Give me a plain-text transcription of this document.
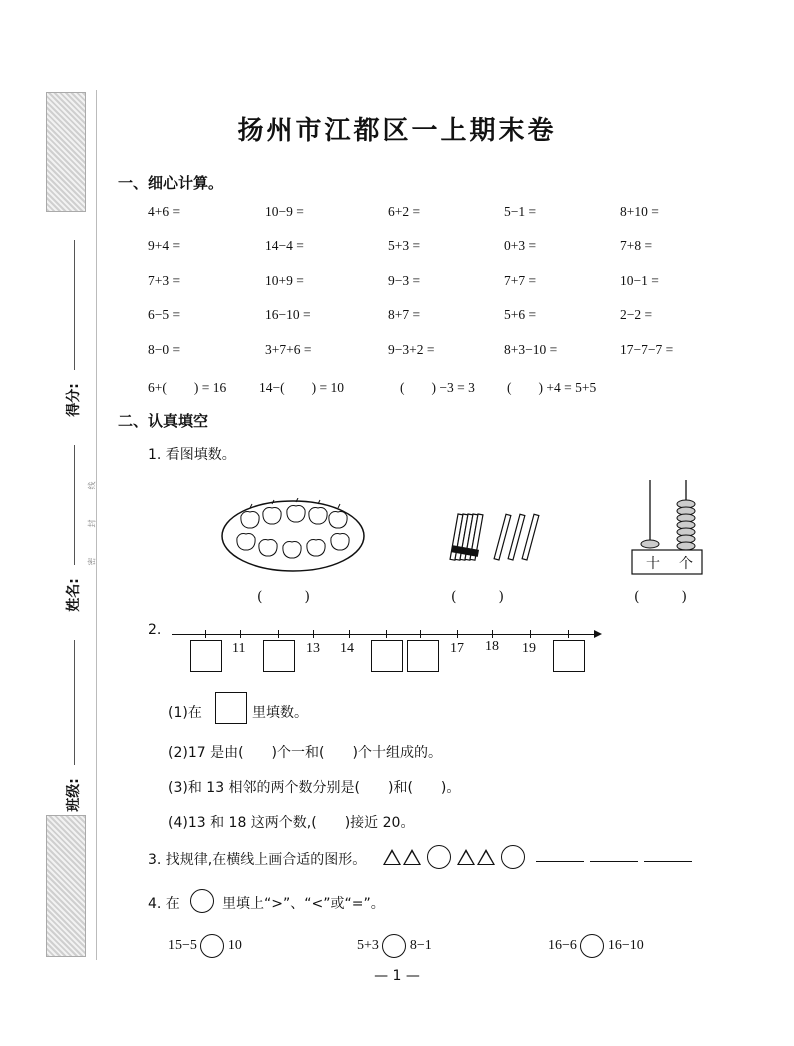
得分:
姓名:
班级:
线
封
密
扬州市江都区一上期末卷
一、细心计算。
4+6 =	10−9 =	6+2 =	5−1 =	8+10 =
9+4 =	14−4 =	5+3 =	0+3 =	7+8 =
7+3 =	10+9 =	9−3 =	7+7 =	10−1 =
6−5 =	16−10 =	8+7 =	5+6 =	2−2 =
8−0 =	3+7+6 =	9−3+2 =	8+3−10 =	17−7−7 =
6+(　　) = 16 14−(　　) = 10	(　　) −3 = 3 (　　) +4 = 5+5
二、认真填空
1. 看图填数。
十 个
(　　　)	(　　　)	(　　　)
2.
11	13 14	17 18 19
(1)在	里填数。
(2)17 是由(　　)个一和(　　)个十组成的。
(3)和 13 相邻的两个数分别是(　　)和(　　)。
(4)13 和 18 这两个数,(　　)接近 20。
3. 找规律,在横线上画合适的图形。

4. 在	里填上“>”、“<”或“=”。
15−5 10	5+3 8−1	16−6 16−10
— 1 —
